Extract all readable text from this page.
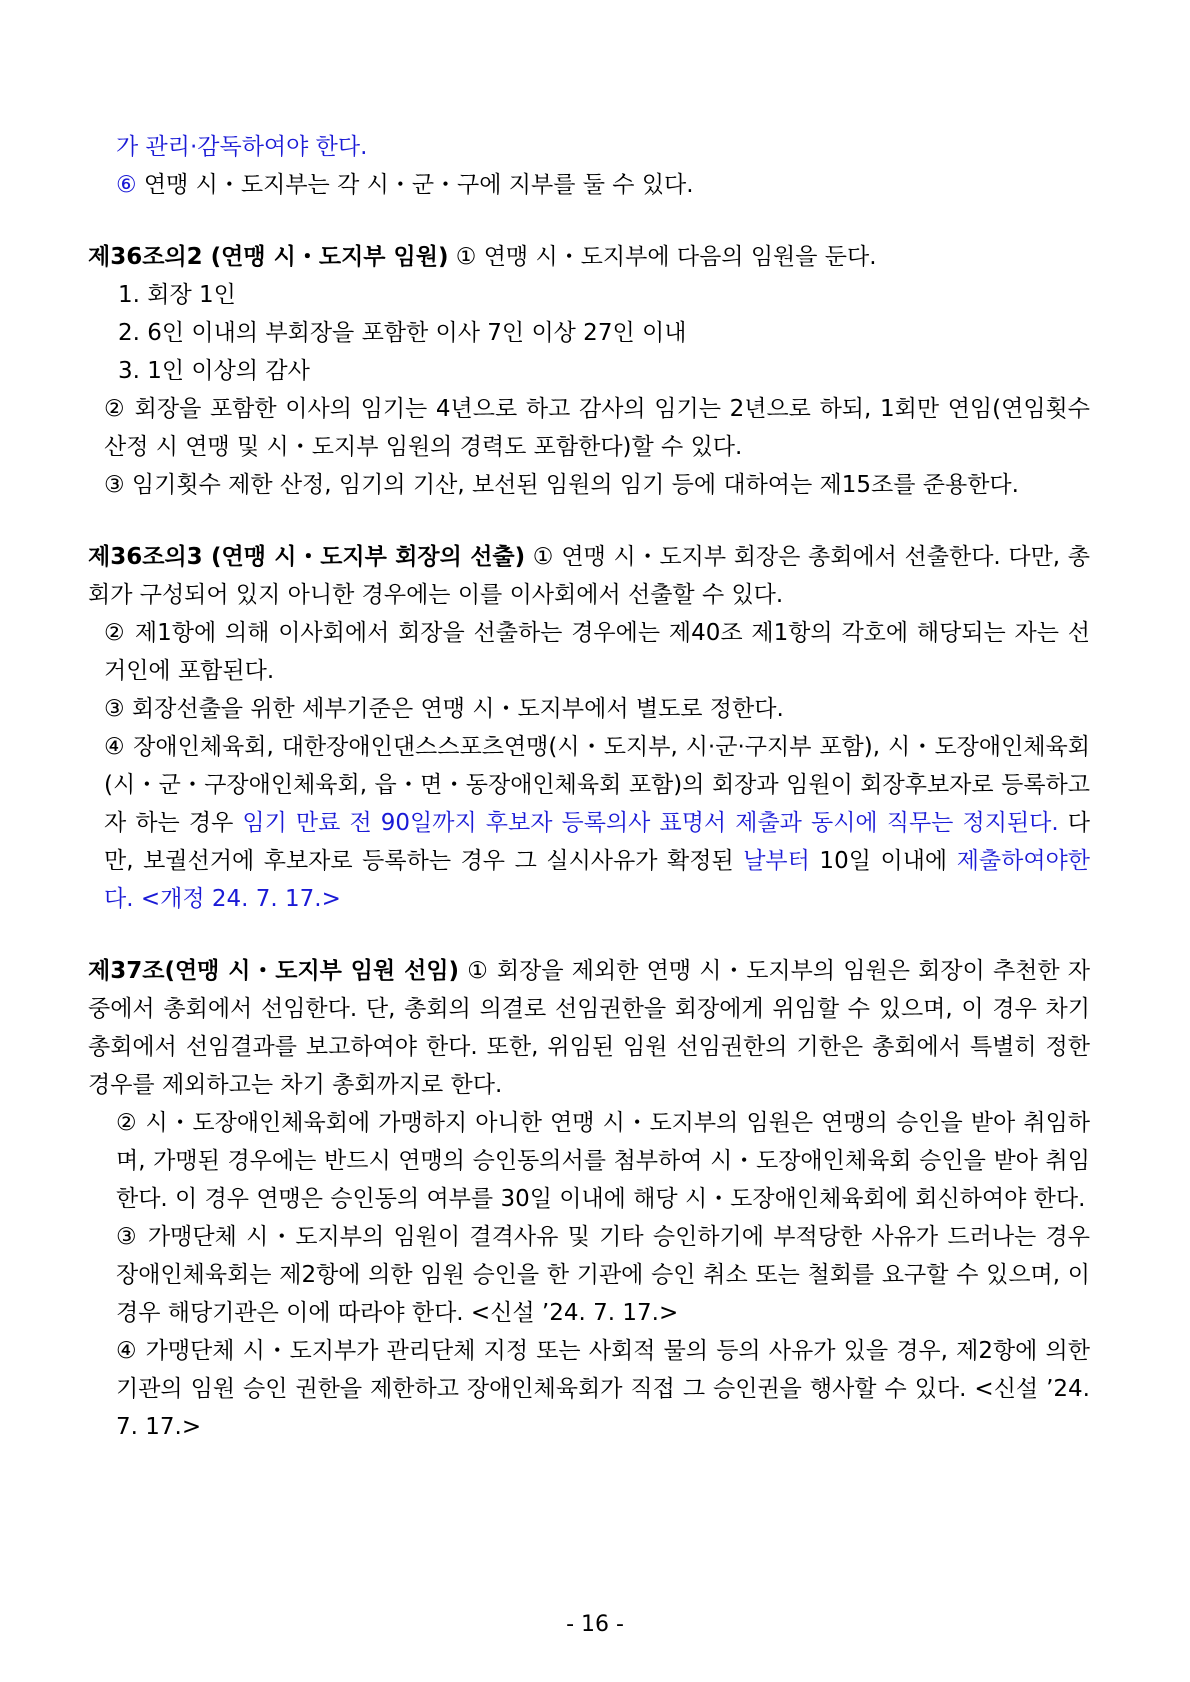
가 관리·감독하여야 한다.

⑥ 연맹 시・도지부는 각 시・군・구에 지부를 둘 수 있다.

제36조의2 (연맹 시・도지부 임원) ① 연맹 시・도지부에 다음의 임원을 둔다.

1. 회장 1인

2. 6인 이내의 부회장을 포함한 이사 7인 이상 27인 이내

3. 1인 이상의 감사

② 회장을 포함한 이사의 임기는 4년으로 하고 감사의 임기는 2년으로 하되, 1회만 연임(연임횟수 산정 시 연맹 및 시・도지부 임원의 경력도 포함한다)할 수 있다.

③ 임기횟수 제한 산정, 임기의 기산, 보선된 임원의 임기 등에 대하여는 제15조를 준용한다.

제36조의3 (연맹 시・도지부 회장의 선출) ① 연맹 시・도지부 회장은 총회에서 선출한다. 다만, 총회가 구성되어 있지 아니한 경우에는 이를 이사회에서 선출할 수 있다.

② 제1항에 의해 이사회에서 회장을 선출하는 경우에는 제40조 제1항의 각호에 해당되는 자는 선거인에 포함된다.

③ 회장선출을 위한 세부기준은 연맹 시・도지부에서 별도로 정한다.

④ 장애인체육회, 대한장애인댄스스포츠연맹(시・도지부, 시·군·구지부 포함), 시・도장애인체육회(시・군・구장애인체육회, 읍・면・동장애인체육회 포함)의 회장과 임원이 회장후보자로 등록하고자 하는 경우 임기 만료 전 90일까지 후보자 등록의사 표명서 제출과 동시에 직무는 정지된다. 다만, 보궐선거에 후보자로 등록하는 경우 그 실시사유가 확정된 날부터 10일 이내에 제출하여야한다. <개정 24. 7. 17.>

제37조(연맹 시・도지부 임원 선임) ① 회장을 제외한 연맹 시・도지부의 임원은 회장이 추천한 자 중에서 총회에서 선임한다. 단, 총회의 의결로 선임권한을 회장에게 위임할 수 있으며, 이 경우 차기총회에서 선임결과를 보고하여야 한다. 또한, 위임된 임원 선임권한의 기한은 총회에서 특별히 정한 경우를 제외하고는 차기 총회까지로 한다.

② 시・도장애인체육회에 가맹하지 아니한 연맹 시・도지부의 임원은 연맹의 승인을 받아 취임하며, 가맹된 경우에는 반드시 연맹의 승인동의서를 첨부하여 시・도장애인체육회 승인을 받아 취임한다. 이 경우 연맹은 승인동의 여부를 30일 이내에 해당 시・도장애인체육회에 회신하여야 한다.

③ 가맹단체 시・도지부의 임원이 결격사유 및 기타 승인하기에 부적당한 사유가 드러나는 경우 장애인체육회는 제2항에 의한 임원 승인을 한 기관에 승인 취소 또는 철회를 요구할 수 있으며, 이 경우 해당기관은 이에 따라야 한다. <신설 ’24. 7. 17.>

④ 가맹단체 시・도지부가 관리단체 지정 또는 사회적 물의 등의 사유가 있을 경우, 제2항에 의한 기관의 임원 승인 권한을 제한하고 장애인체육회가 직접 그 승인권을 행사할 수 있다. <신설 ’24. 7. 17.>

- 16 -
